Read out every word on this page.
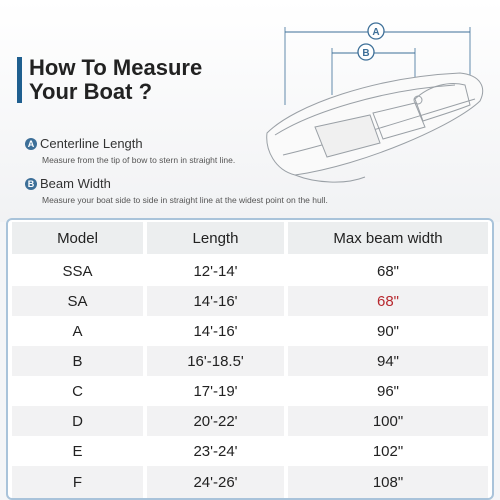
How To Measure
Your Boat ?
A Centerline Length
Measure from the tip of bow to stern in straight line.
B Beam Width
Measure your boat side to side in straight line at the widest point on the hull.
A
B
Model	Length	Max beam width
SSA	12'-14'	68"
SA	14'-16'	68"
A	14'-16'	90"
B	16'-18.5'	94"
C	17'-19'	96"
D	20'-22'	100"
E	23'-24'	102"
F	24'-26'	108"
